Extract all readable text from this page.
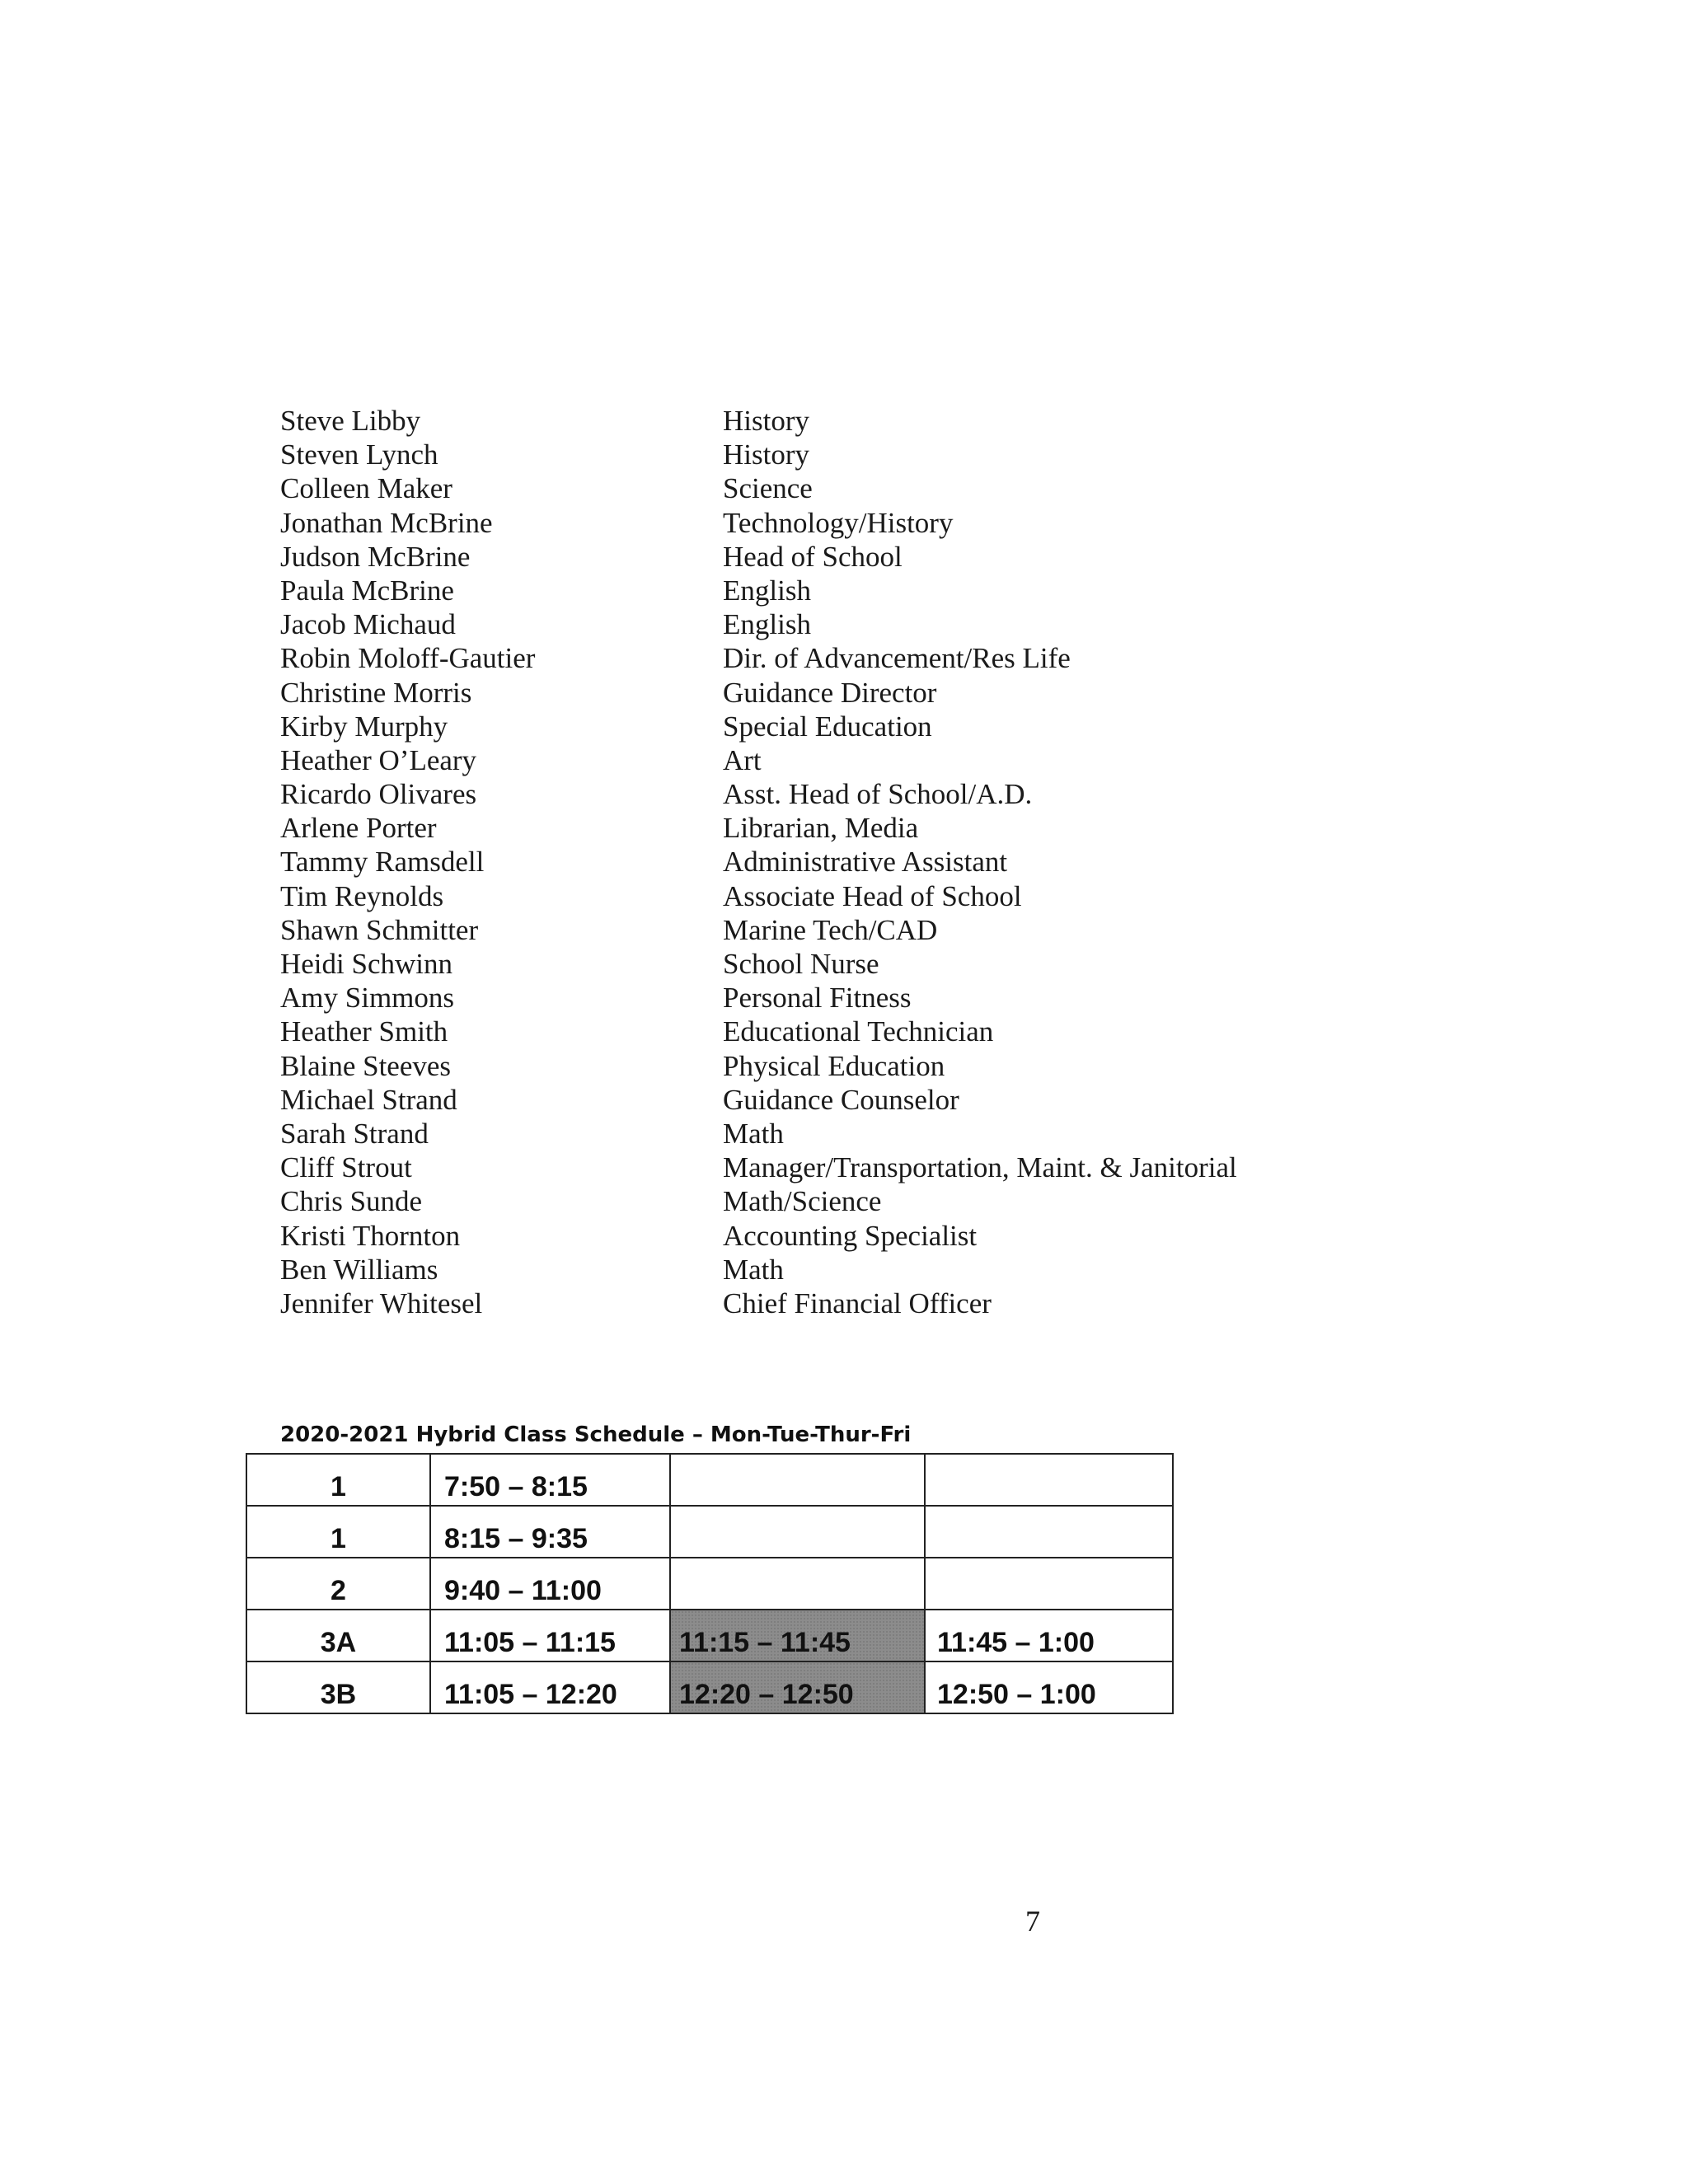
Steve Libby	History
Steven Lynch	History
Colleen Maker	Science
Jonathan McBrine	Technology/History
Judson McBrine	Head of School
Paula McBrine	English
Jacob Michaud	English
Robin Moloff-Gautier	Dir. of Advancement/Res Life
Christine Morris	Guidance Director
Kirby Murphy	Special Education
Heather O’Leary	Art
Ricardo Olivares	Asst. Head of School/A.D.
Arlene Porter	Librarian, Media
Tammy Ramsdell	Administrative Assistant
Tim Reynolds	Associate Head of School
Shawn Schmitter	Marine Tech/CAD
Heidi Schwinn	School Nurse
Amy Simmons	Personal Fitness
Heather Smith	Educational Technician
Blaine Steeves	Physical Education
Michael Strand	Guidance Counselor
Sarah Strand	Math
Cliff Strout	Manager/Transportation, Maint. & Janitorial
Chris Sunde	Math/Science
Kristi Thornton	Accounting Specialist
Ben Williams	Math
Jennifer Whitesel	Chief Financial Officer
2020-2021 Hybrid Class Schedule – Mon-Tue-Thur-Fri
1	7:50 – 8:15		
1	8:15 – 9:35		
2	9:40 – 11:00		
3A	11:05 – 11:15	11:15 – 11:45	11:45 – 1:00
3B	11:05 – 12:20	12:20 – 12:50	12:50 – 1:00
7
